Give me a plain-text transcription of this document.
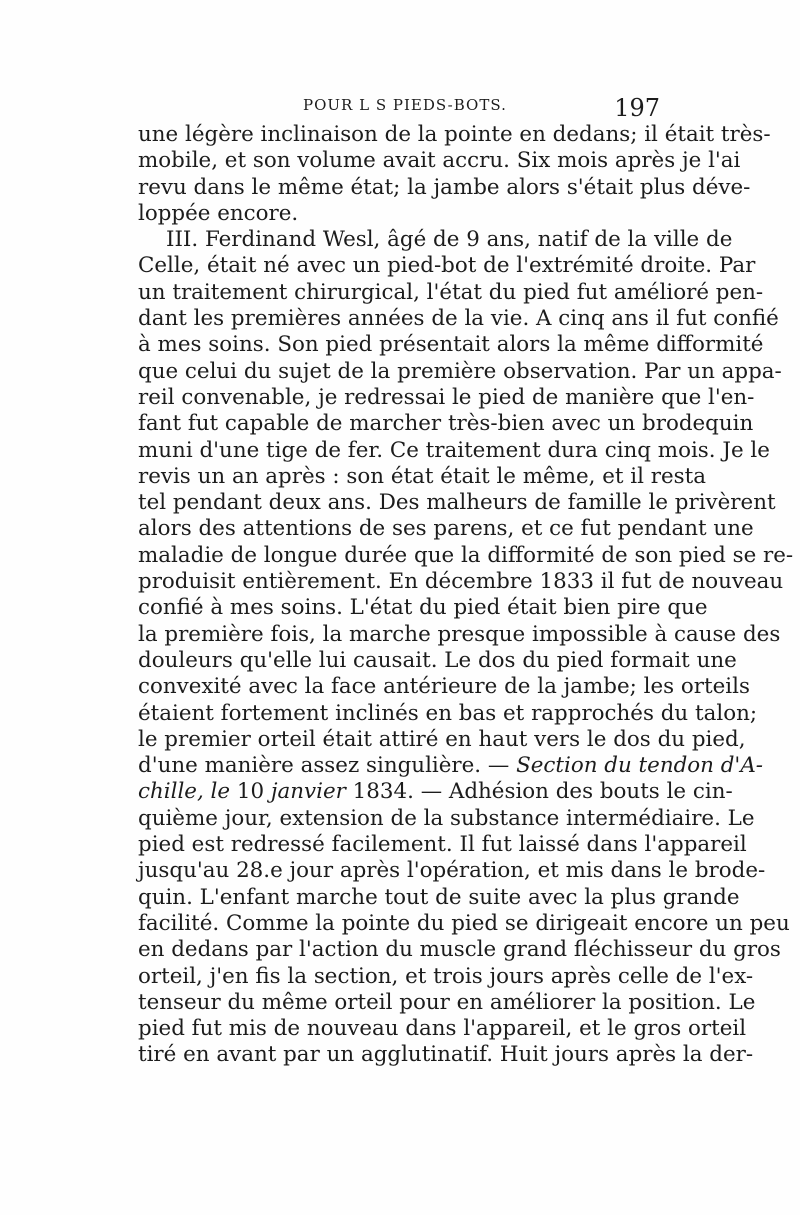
POUR L S PIEDS-BOTS.	197
une légère inclinaison de la pointe en dedans; il était très-
mobile, et son volume avait accru. Six mois après je l'ai
revu dans le même état; la jambe alors s'était plus déve-
loppée encore.
III. Ferdinand Wesl, âgé de 9 ans, natif de la ville de
Celle, était né avec un pied-bot de l'extrémité droite. Par
un traitement chirurgical, l'état du pied fut amélioré pen-
dant les premières années de la vie. A cinq ans il fut confié
à mes soins. Son pied présentait alors la même difformité
que celui du sujet de la première observation. Par un appa-
reil convenable, je redressai le pied de manière que l'en-
fant fut capable de marcher très-bien avec un brodequin
muni d'une tige de fer. Ce traitement dura cinq mois. Je le
revis un an après : son état était le même, et il resta
tel pendant deux ans. Des malheurs de famille le privèrent
alors des attentions de ses parens, et ce fut pendant une
maladie de longue durée que la difformité de son pied se re-
produisit entièrement. En décembre 1833 il fut de nouveau
confié à mes soins. L'état du pied était bien pire que
la première fois, la marche presque impossible à cause des
douleurs qu'elle lui causait. Le dos du pied formait une
convexité avec la face antérieure de la jambe; les orteils
étaient fortement inclinés en bas et rapprochés du talon;
le premier orteil était attiré en haut vers le dos du pied,
d'une manière assez singulière. — Section du tendon d'A-
chille, le 10 janvier 1834. — Adhésion des bouts le cin-
quième jour, extension de la substance intermédiaire. Le
pied est redressé facilement. Il fut laissé dans l'appareil
jusqu'au 28.e jour après l'opération, et mis dans le brode-
quin. L'enfant marche tout de suite avec la plus grande
facilité. Comme la pointe du pied se dirigeait encore un peu
en dedans par l'action du muscle grand fléchisseur du gros
orteil, j'en fis la section, et trois jours après celle de l'ex-
tenseur du même orteil pour en améliorer la position. Le
pied fut mis de nouveau dans l'appareil, et le gros orteil
tiré en avant par un agglutinatif. Huit jours après la der-
